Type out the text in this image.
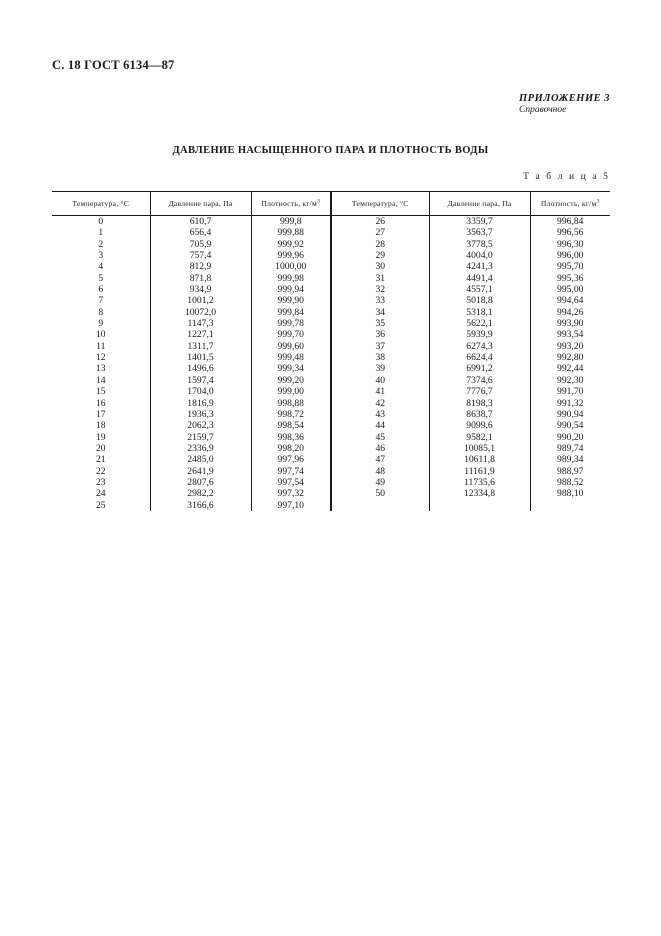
С. 18 ГОСТ 6134—87
ПРИЛОЖЕНИЕ 3
Справочное
ДАВЛЕНИЕ НАСЫЩЕННОГО ПАРА И ПЛОТНОСТЬ ВОДЫ
Т а б л и ц а 5
Температура, °С	Давление пара, Па	Плотность, $кг/м^3$	Температура, °С	Давление пара, Па	Плотность, $кг/м^3$
0	610,7	999,8	26	3359,7	996,84
1	656,4	999,88	27	3563,7	996,56
2	705,9	999,92	28	3778,5	996,30
3	757,4	999,96	29	4004,0	996,00
4	812,9	1000,00	30	4241,3	995,70
5	871,8	999,98	31	4491,4	995,36
6	934,9	999,94	32	4557,1	995,00
7	1001,2	999,90	33	5018,8	994,64
8	10072,0	999,84	34	5318,1	994,26
9	1147,3	999,78	35	5622,1	993,90
10	1227,1	999,70	36	5939,9	993,54
11	1311,7	999,60	37	6274,3	993,20
12	1401,5	999,48	38	6624,4	992,80
13	1496,6	999,34	39	6991,2	992,44
14	1597,4	999,20	40	7374,6	992,30
15	1704,0	999,00	41	7776,7	991,70
16	1816,9	998,88	42	8198,3	991,32
17	1936,3	998,72	43	8638,7	990,94
18	2062,3	998,54	44	9099,6	990,54
19	2159,7	998,36	45	9582,1	990,20
20	2336,9	998,20	46	10085,1	989,74
21	2485,0	997,96	47	10611,8	989,34
22	2641,9	997,74	48	11161,9	988,97
23	2807,6	997,54	49	11735,6	988,52
24	2982,2	997,32	50	12334,8	988,10
25	3166,6	997,10			
